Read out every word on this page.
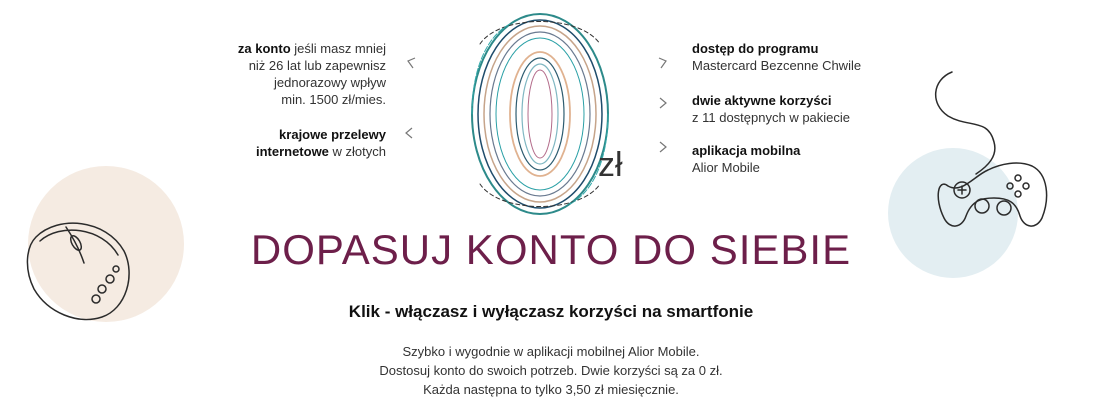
za konto jeśli masz mniej
niż 26 lat lub zapewnisz
jednorazowy wpływ
min. 1500 zł/mies.
krajowe przelewy
internetowe w złotych	zł
dostęp do programu
Mastercard Bezcenne Chwile
dwie aktywne korzyści
z 11 dostępnych w pakiecie
aplikacja mobilna
Alior Mobile
DOPASUJ KONTO DO SIEBIE
Klik - włączasz i wyłączasz korzyści na smartfonie
Szybko i wygodnie w aplikacji mobilnej Alior Mobile.
Dostosuj konto do swoich potrzeb. Dwie korzyści są za 0 zł.
Każda następna to tylko 3,50 zł miesięcznie.
